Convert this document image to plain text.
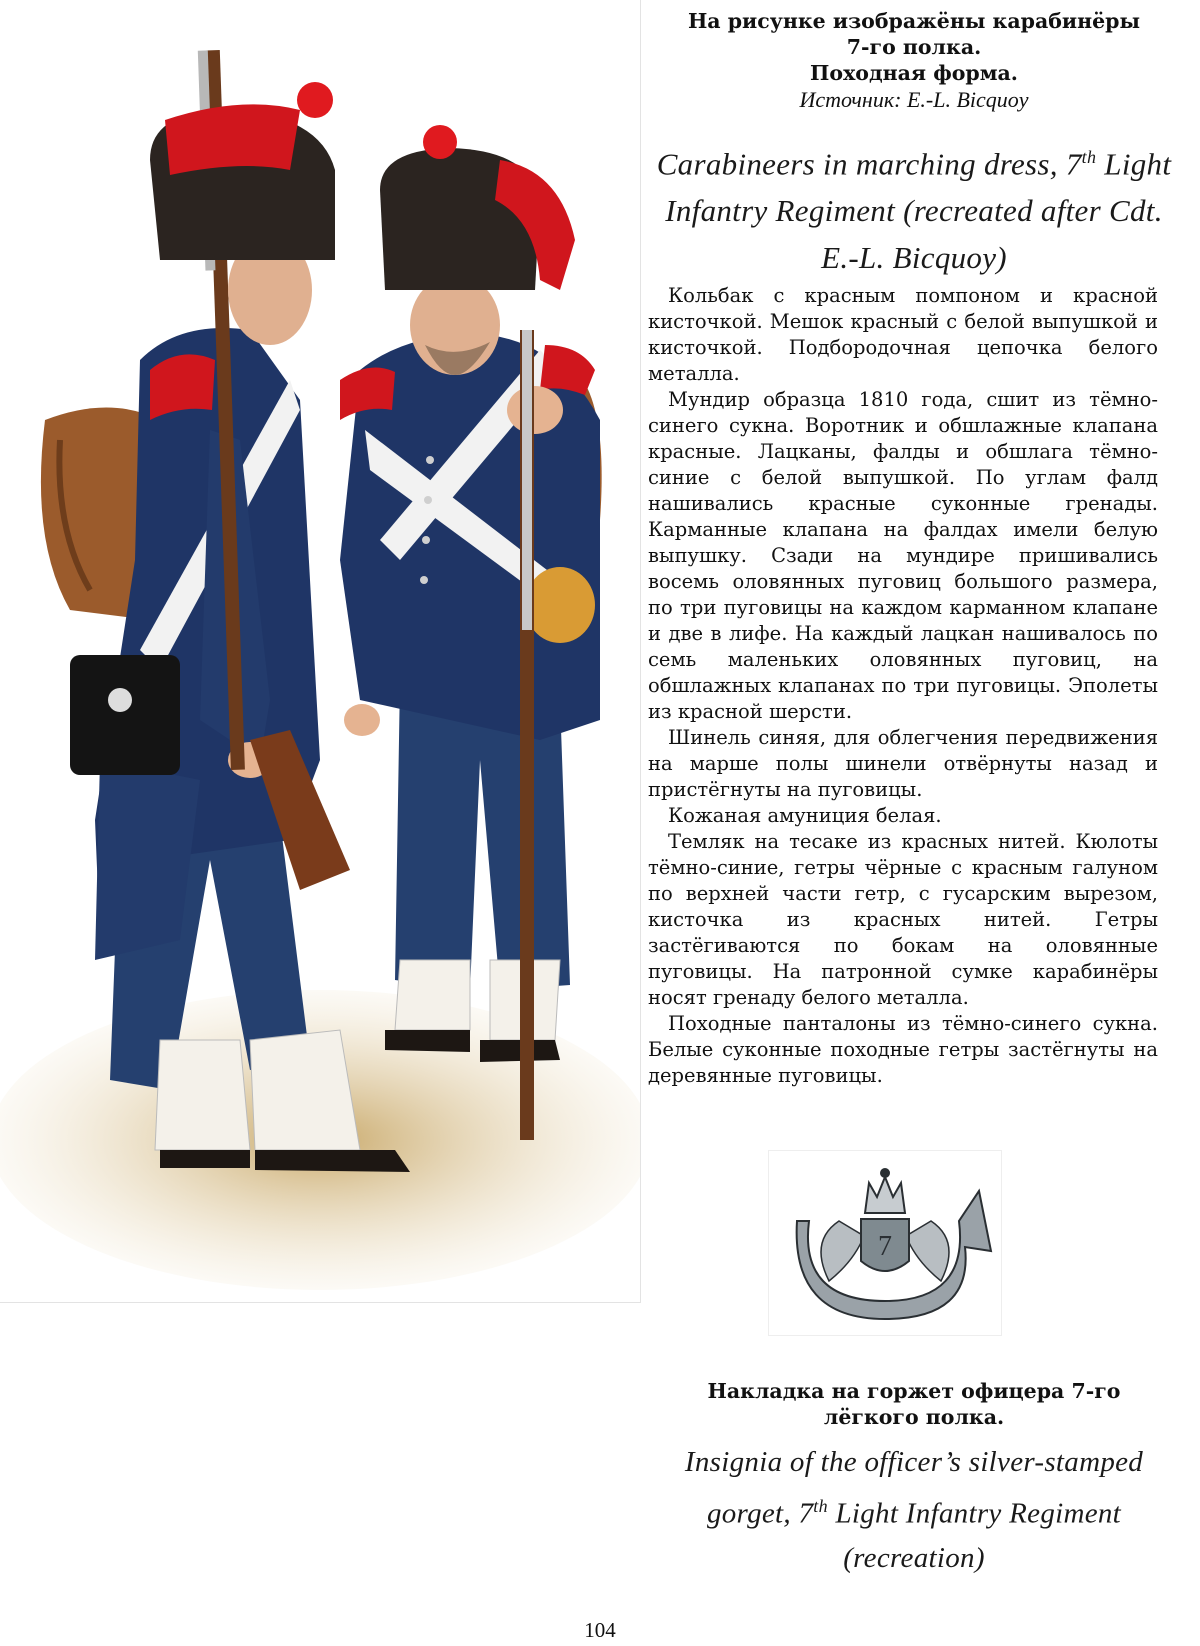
На рисунке изображёны карабинёры

7-го полка.

Походная форма.

Источник: E.-L. Bicquoy

Carabineers in marching dress, 7th Light Infantry Regiment (recreated after Cdt. E.-L. Bicquoy)

Кольбак с красным помпоном и красной кисточкой. Мешок красный с белой выпушкой и кисточкой. Подбородочная цепочка белого металла.

Мундир образца 1810 года, сшит из тёмно-синего сукна. Воротник и обшлажные клапана красные. Лацканы, фалды и обшлага тёмно-синие с белой выпушкой. По углам фалд нашивались красные суконные гренады. Карманные клапана на фалдах имели белую выпушку. Сзади на мундире пришивались восемь оловянных пуговиц большого размера, по три пуговицы на каждом карманном клапане и две в лифе. На каждый лацкан нашивалось по семь маленьких оловянных пуговиц, на обшлажных клапанах по три пуговицы. Эполеты из красной шерсти.

Шинель синяя, для облегчения передвижения на марше полы шинели отвёрнуты назад и пристёгнуты на пуговицы.

Кожаная амуниция белая.

Темляк на тесаке из красных нитей. Кюлоты тёмно-синие, гетры чёрные с красным галуном по верхней части гетр, с гусарским вырезом, кисточка из красных нитей. Гетры застёгиваются по бокам на оловянные пуговицы. На патронной сумке карабинёры носят гренаду белого металла.

Походные панталоны из тёмно-синего сукна. Белые суконные походные гетры застёгнуты на деревянные пуговицы.

7

Накладка на горжет офицера 7-го

лёгкого полка.

Insignia of the officer’s silver-stamped gorget, 7th Light Infantry Regiment (recreation)

104
